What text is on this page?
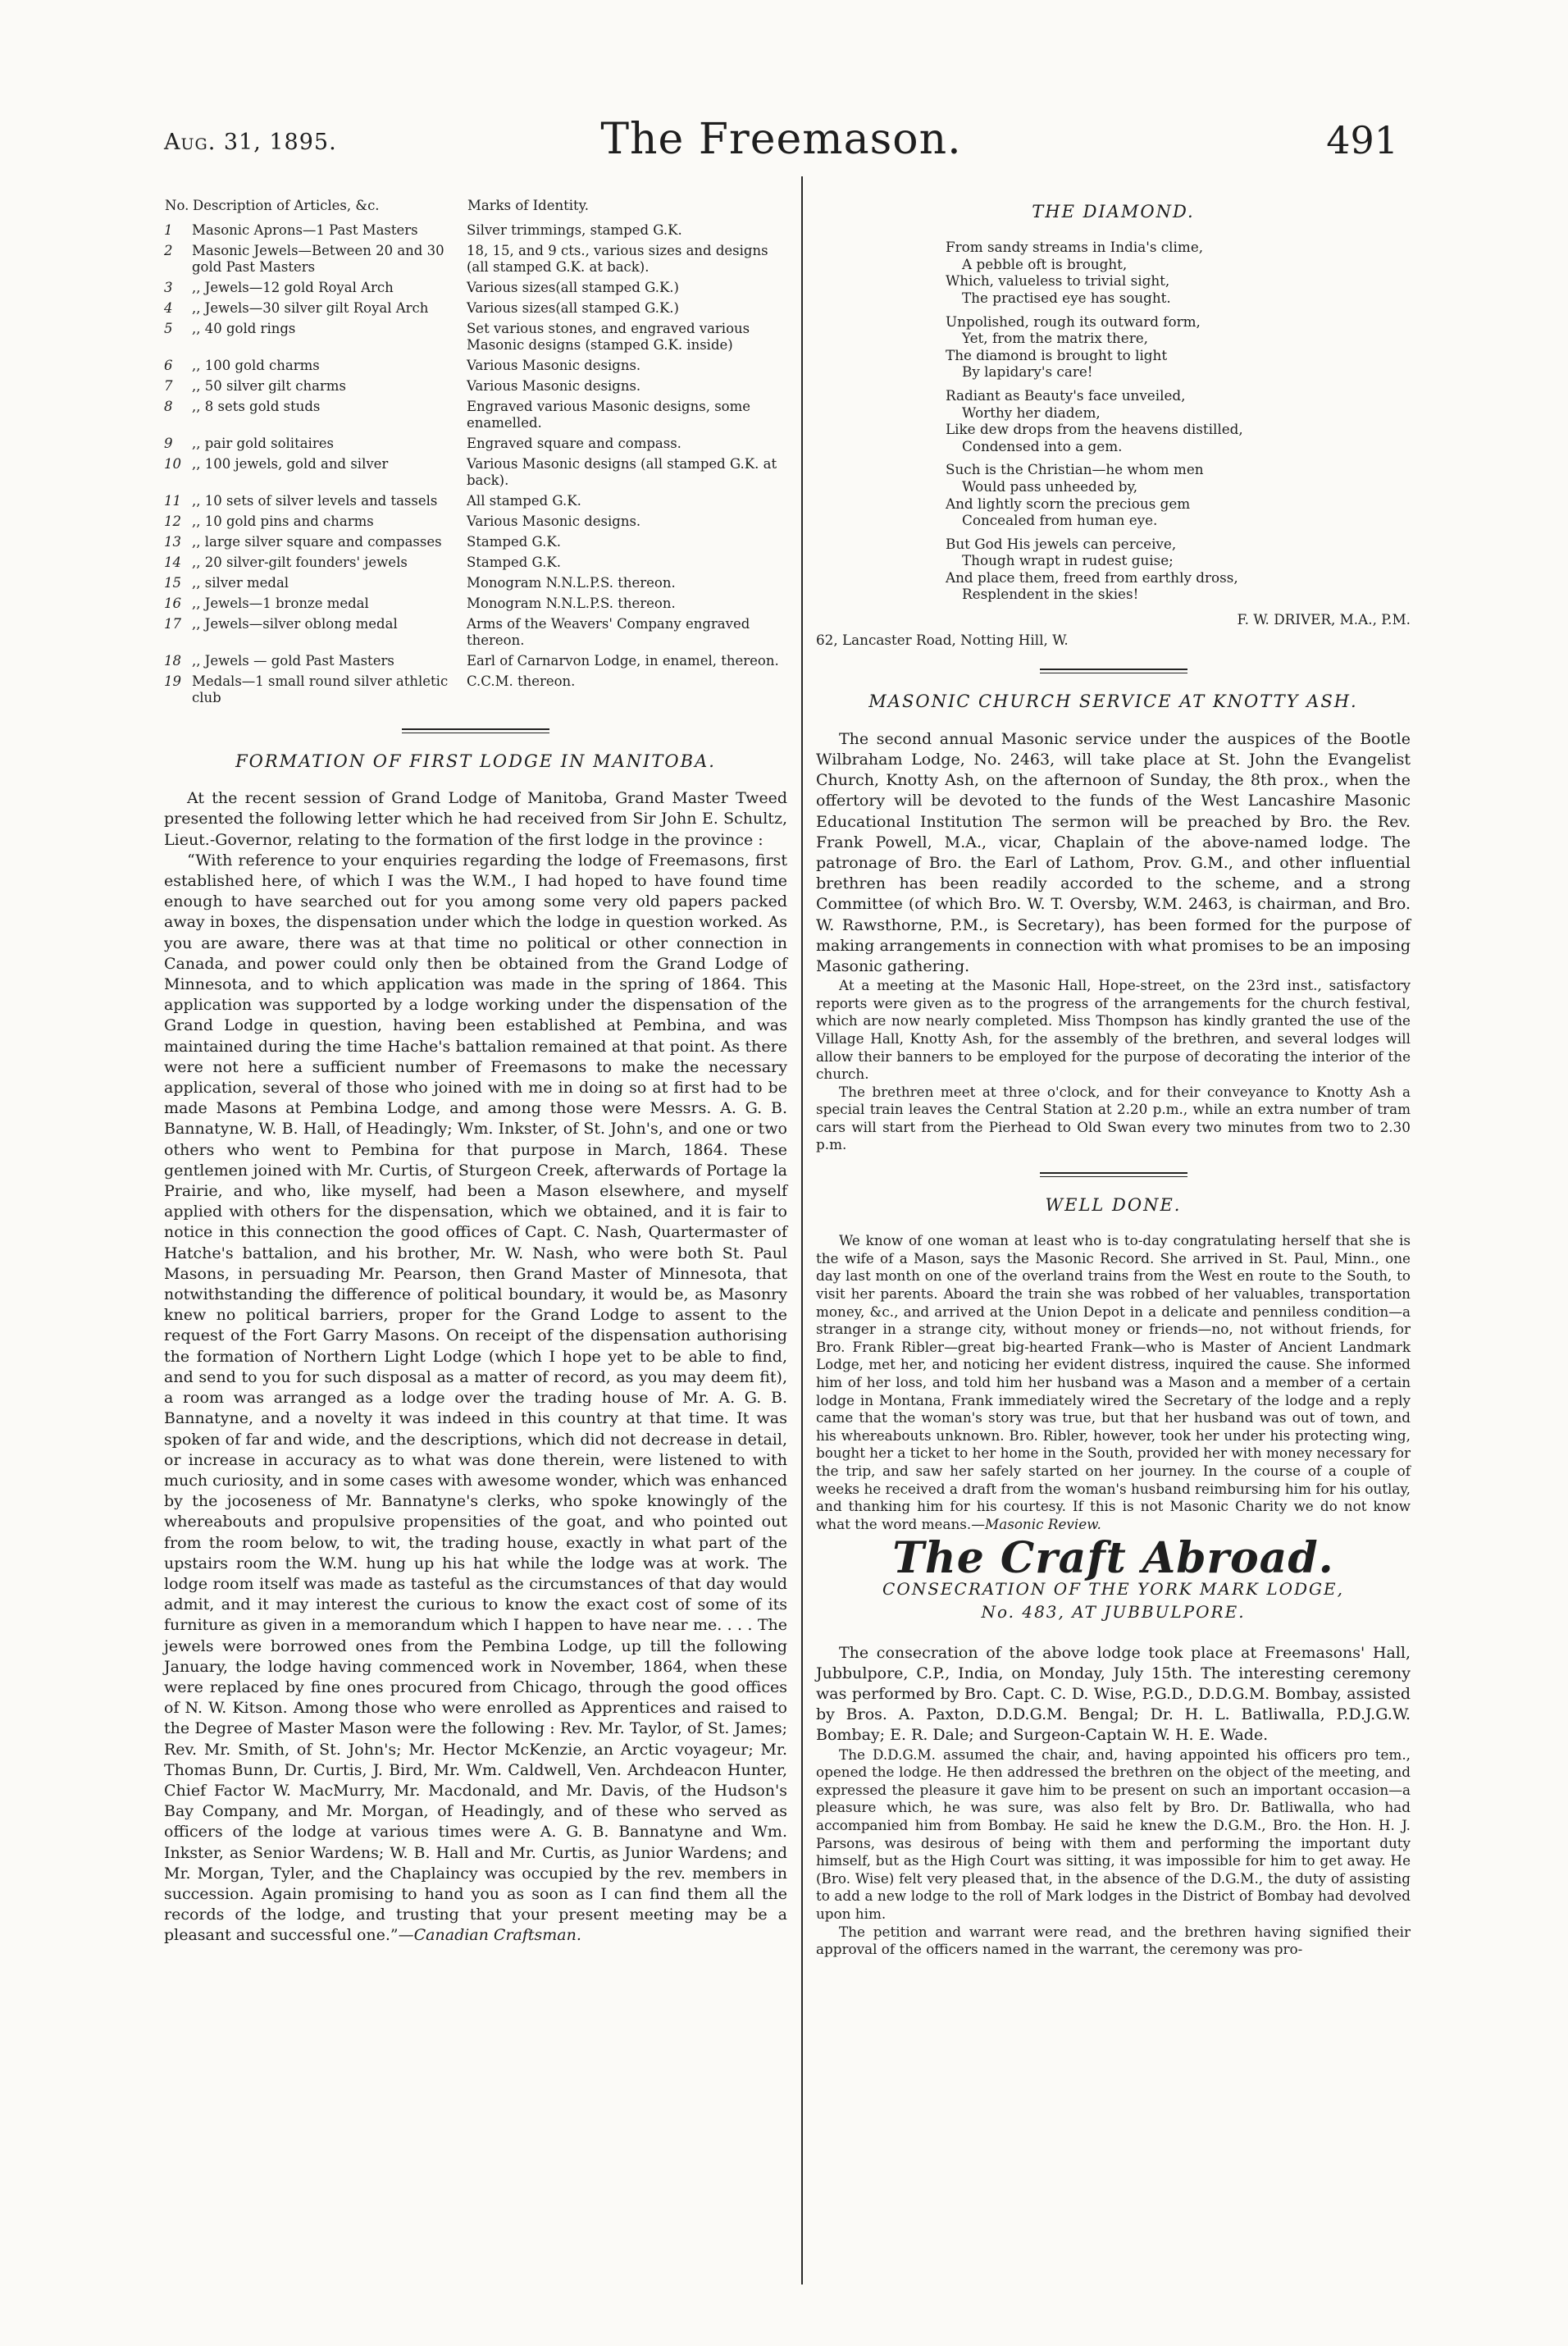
Aug. 31, 1895.	The Freemason.	491
No.	Description of Articles, &c.	Marks of Identity.
1	Masonic Aprons—1 Past Masters	Silver trimmings, stamped G.K.
2	Masonic Jewels—Between 20 and 30 gold Past Masters	18, 15, and 9 cts., various sizes and designs (all stamped G.K. at back).
3	,, Jewels—12 gold Royal Arch	Various sizes(all stamped G.K.)
4	,, Jewels—30 silver gilt Royal Arch	Various sizes(all stamped G.K.)
5	,, 40 gold rings	Set various stones, and engraved various Masonic designs (stamped G.K. inside)
6	,, 100 gold charms	Various Masonic designs.
7	,, 50 silver gilt charms	Various Masonic designs.
8	,, 8 sets gold studs	Engraved various Masonic designs, some enamelled.
9	,, pair gold solitaires	Engraved square and compass.
10	,, 100 jewels, gold and silver	Various Masonic designs (all stamped G.K. at back).
11	,, 10 sets of silver levels and tassels	All stamped G.K.
12	,, 10 gold pins and charms	Various Masonic designs.
13	,, large silver square and compasses	Stamped G.K.
14	,, 20 silver-gilt founders' jewels	Stamped G.K.
15	,, silver medal	Monogram N.N.L.P.S. thereon.
16	,, Jewels—1 bronze medal	Monogram N.N.L.P.S. thereon.
17	,, Jewels—silver oblong medal	Arms of the Weavers' Company engraved thereon.
18	,, Jewels — gold Past Masters	Earl of Carnarvon Lodge, in enamel, thereon.
19	Medals—1 small round silver athletic club	C.C.M. thereon.
FORMATION OF FIRST LODGE IN MANITOBA.

At the recent session of Grand Lodge of Manitoba, Grand Master Tweed presented the following letter which he had received from Sir John E. Schultz, Lieut.-Governor, relating to the formation of the first lodge in the province :

“With reference to your enquiries regarding the lodge of Freemasons, first established here, of which I was the W.M., I had hoped to have found time enough to have searched out for you among some very old papers packed away in boxes, the dispensation under which the lodge in question worked. As you are aware, there was at that time no political or other connection in Canada, and power could only then be obtained from the Grand Lodge of Minnesota, and to which application was made in the spring of 1864. This application was supported by a lodge working under the dispensation of the Grand Lodge in question, having been established at Pembina, and was maintained during the time Hache's battalion remained at that point. As there were not here a sufficient number of Freemasons to make the necessary application, several of those who joined with me in doing so at first had to be made Masons at Pembina Lodge, and among those were Messrs. A. G. B. Bannatyne, W. B. Hall, of Headingly; Wm. Inkster, of St. John's, and one or two others who went to Pembina for that purpose in March, 1864. These gentlemen joined with Mr. Curtis, of Sturgeon Creek, afterwards of Portage la Prairie, and who, like myself, had been a Mason elsewhere, and myself applied with others for the dispensation, which we obtained, and it is fair to notice in this connection the good offices of Capt. C. Nash, Quartermaster of Hatche's battalion, and his brother, Mr. W. Nash, who were both St. Paul Masons, in persuading Mr. Pearson, then Grand Master of Minnesota, that notwithstanding the difference of political boundary, it would be, as Masonry knew no political barriers, proper for the Grand Lodge to assent to the request of the Fort Garry Masons. On receipt of the dispensation authorising the formation of Northern Light Lodge (which I hope yet to be able to find, and send to you for such disposal as a matter of record, as you may deem fit), a room was arranged as a lodge over the trading house of Mr. A. G. B. Bannatyne, and a novelty it was indeed in this country at that time. It was spoken of far and wide, and the descriptions, which did not decrease in detail, or increase in accuracy as to what was done therein, were listened to with much curiosity, and in some cases with awesome wonder, which was enhanced by the jocoseness of Mr. Bannatyne's clerks, who spoke knowingly of the whereabouts and propulsive propensities of the goat, and who pointed out from the room below, to wit, the trading house, exactly in what part of the upstairs room the W.M. hung up his hat while the lodge was at work. The lodge room itself was made as tasteful as the circumstances of that day would admit, and it may interest the curious to know the exact cost of some of its furniture as given in a memorandum which I happen to have near me. . . . The jewels were borrowed ones from the Pembina Lodge, up till the following January, the lodge having commenced work in November, 1864, when these were replaced by fine ones procured from Chicago, through the good offices of N. W. Kitson. Among those who were enrolled as Apprentices and raised to the Degree of Master Mason were the following : Rev. Mr. Taylor, of St. James; Rev. Mr. Smith, of St. John's; Mr. Hector McKenzie, an Arctic voyageur; Mr. Thomas Bunn, Dr. Curtis, J. Bird, Mr. Wm. Caldwell, Ven. Archdeacon Hunter, Chief Factor W. MacMurry, Mr. Macdonald, and Mr. Davis, of the Hudson's Bay Company, and Mr. Morgan, of Headingly, and of these who served as officers of the lodge at various times were A. G. B. Bannatyne and Wm. Inkster, as Senior Wardens; W. B. Hall and Mr. Curtis, as Junior Wardens; and Mr. Morgan, Tyler, and the Chaplaincy was occupied by the rev. members in succession. Again promising to hand you as soon as I can find them all the records of the lodge, and trusting that your present meeting may be a pleasant and successful one.”—Canadian Craftsman.

THE DIAMOND.
From sandy streams in India's clime,
A pebble oft is brought,
Which, valueless to trivial sight,
The practised eye has sought.
Unpolished, rough its outward form,
Yet, from the matrix there,
The diamond is brought to light
By lapidary's care!
Radiant as Beauty's face unveiled,
Worthy her diadem,
Like dew drops from the heavens distilled,
Condensed into a gem.
Such is the Christian—he whom men
Would pass unheeded by,
And lightly scorn the precious gem
Concealed from human eye.
But God His jewels can perceive,
Though wrapt in rudest guise;
And place them, freed from earthly dross,
Resplendent in the skies!
F. W. DRIVER, M.A., P.M.
62, Lancaster Road, Notting Hill, W.
MASONIC CHURCH SERVICE AT KNOTTY ASH.

The second annual Masonic service under the auspices of the Bootle Wilbraham Lodge, No. 2463, will take place at St. John the Evangelist Church, Knotty Ash, on the afternoon of Sunday, the 8th prox., when the offertory will be devoted to the funds of the West Lancashire Masonic Educational Institution The sermon will be preached by Bro. the Rev. Frank Powell, M.A., vicar, Chaplain of the above-named lodge. The patronage of Bro. the Earl of Lathom, Prov. G.M., and other influential brethren has been readily accorded to the scheme, and a strong Committee (of which Bro. W. T. Oversby, W.M. 2463, is chairman, and Bro. W. Rawsthorne, P.M., is Secretary), has been formed for the purpose of making arrangements in connection with what promises to be an imposing Masonic gathering.

At a meeting at the Masonic Hall, Hope-street, on the 23rd inst., satisfactory reports were given as to the progress of the arrangements for the church festival, which are now nearly completed. Miss Thompson has kindly granted the use of the Village Hall, Knotty Ash, for the assembly of the brethren, and several lodges will allow their banners to be employed for the purpose of decorating the interior of the church.

The brethren meet at three o'clock, and for their conveyance to Knotty Ash a special train leaves the Central Station at 2.20 p.m., while an extra number of tram cars will start from the Pierhead to Old Swan every two minutes from two to 2.30 p.m.

WELL DONE.

We know of one woman at least who is to-day congratulating herself that she is the wife of a Mason, says the Masonic Record. She arrived in St. Paul, Minn., one day last month on one of the overland trains from the West en route to the South, to visit her parents. Aboard the train she was robbed of her valuables, transportation money, &c., and arrived at the Union Depot in a delicate and penniless condition—a stranger in a strange city, without money or friends—no, not without friends, for Bro. Frank Ribler—great big-hearted Frank—who is Master of Ancient Landmark Lodge, met her, and noticing her evident distress, inquired the cause. She informed him of her loss, and told him her husband was a Mason and a member of a certain lodge in Montana, Frank immediately wired the Secretary of the lodge and a reply came that the woman's story was true, but that her husband was out of town, and his whereabouts unknown. Bro. Ribler, however, took her under his protecting wing, bought her a ticket to her home in the South, provided her with money necessary for the trip, and saw her safely started on her journey. In the course of a couple of weeks he received a draft from the woman's husband reimbursing him for his outlay, and thanking him for his courtesy. If this is not Masonic Charity we do not know what the word means.—Masonic Review.

The Craft Abroad.
CONSECRATION OF THE YORK MARK LODGE,
No. 483, AT JUBBULPORE.

The consecration of the above lodge took place at Freemasons' Hall, Jubbulpore, C.P., India, on Monday, July 15th. The interesting ceremony was performed by Bro. Capt. C. D. Wise, P.G.D., D.D.G.M. Bombay, assisted by Bros. A. Paxton, D.D.G.M. Bengal; Dr. H. L. Batliwalla, P.D.J.G.W. Bombay; E. R. Dale; and Surgeon-Captain W. H. E. Wade.

The D.D.G.M. assumed the chair, and, having appointed his officers pro tem., opened the lodge. He then addressed the brethren on the object of the meeting, and expressed the pleasure it gave him to be present on such an important occasion—a pleasure which, he was sure, was also felt by Bro. Dr. Batliwalla, who had accompanied him from Bombay. He said he knew the D.G.M., Bro. the Hon. H. J. Parsons, was desirous of being with them and performing the important duty himself, but as the High Court was sitting, it was impossible for him to get away. He (Bro. Wise) felt very pleased that, in the absence of the D.G.M., the duty of assisting to add a new lodge to the roll of Mark lodges in the District of Bombay had devolved upon him.

The petition and warrant were read, and the brethren having signified their approval of the officers named in the warrant, the ceremony was pro-
